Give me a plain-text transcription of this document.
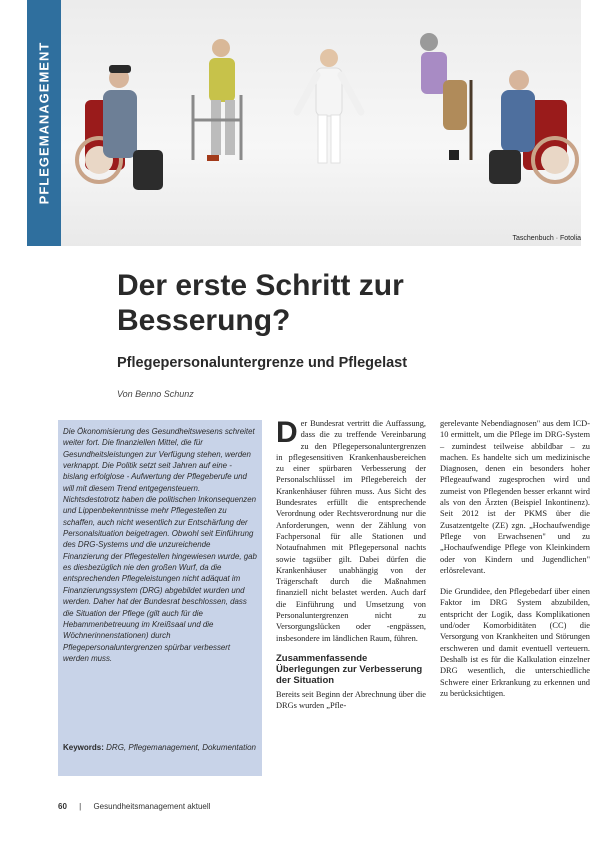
PFLEGEMANAGEMENT
Taschenbuch · Fotolia
Der erste Schritt zur Besserung?
Pflegepersonaluntergrenze und Pflegelast
Von Benno Schunz

Die Ökonomisierung des Gesundheitswesens schreitet weiter fort. Die finanziellen Mittel, die für Gesundheitsleistungen zur Verfügung stehen, werden verknappt. Die Politik setzt seit Jahren auf eine - bislang erfolglose - Aufwertung der Pflegeberufe und will mit diesem Trend entgegensteuern. Nichtsdestotrotz haben die politischen Inkonsequenzen und Lippenbekenntnisse mehr Pflegestellen zu schaffen, auch nicht wesentlich zur Entschärfung der Personalsituation beigetragen. Obwohl seit Einführung des DRG-Systems und die unzureichende Finanzierung der Pflegestellen hingewiesen wurde, gab es diesbezüglich nie den großen Wurf, da die entsprechenden Pflegeleistungen nicht adäquat im Finanzierungssystem (DRG) abgebildet wurden und werden. Daher hat der Bundesrat beschlossen, dass die Situation der Pflege (gilt auch für die Hebammenbetreuung im Kreißsaal und die Wöchnerinnenstationen) durch Pflegepersonaluntergrenzen spürbar verbessert werden muss.

Keywords: DRG, Pflegemanagement, Dokumentation

Der Bundesrat vertritt die Auffassung, dass die zu treffende Vereinbarung zu den Pflegepersonaluntergrenzen in pflegesensitiven Krankenhausbereichen zu einer spürbaren Verbesserung der Personalschlüssel im Pflegebereich der Krankenhäuser führen muss. Aus Sicht des Bundesrates erfüllt die entsprechende Verordnung oder Rechtsverordnung nur die Anforderungen, wenn der Zählung von Fachpersonal für alle Stationen und Notaufnahmen mit Pflegepersonal nachts sowie tagsüber gilt. Dabei dürfen die Krankenhäuser unabhängig von der Trägerschaft durch die Maßnahmen finanziell nicht belastet werden. Auch darf die Einführung und Umsetzung von Personaluntergrenzen nicht zu Versorgungslücken oder -engpässen, insbesondere im ländlichen Raum, führen.

Zusammenfassende Überlegungen zur Verbesserung der Situation

Bereits seit Beginn der Abrechnung über die DRGs wurden „Pfle-

gerelevante Nebendiagnosen" aus dem ICD-10 ermittelt, um die Pflege im DRG-System – zumindest teilweise abbildbar – zu machen. Es handelte sich um medizinische Diagnosen, denen ein besonders hoher Pflegeaufwand zugesprochen wird und zumeist von Pflegenden besser erkannt wird als von den Ärzten (Beispiel Inkontinenz). Seit 2012 ist der PKMS über die Zusatzentgelte (ZE) zgn. „Hochaufwendige Pflege von Erwachsenen" und zu „Hochaufwendige Pflege von Kleinkindern oder von Kindern und Jugendlichen" erlösrelevant.

Die Grundidee, den Pflegebedarf über einen Faktor im DRG System abzubilden, entspricht der Logik, dass Komplikationen und/oder Komorbiditäten (CC) die Versorgung von Krankheiten und Störungen erschweren und damit eventuell verteuern. Deshalb ist es für die Kalkulation einzelner DRG wesentlich, die unterschiedliche Schwere einer Erkrankung zu erkennen und zu berücksichtigen.

60 | Gesundheitsmanagement aktuell
